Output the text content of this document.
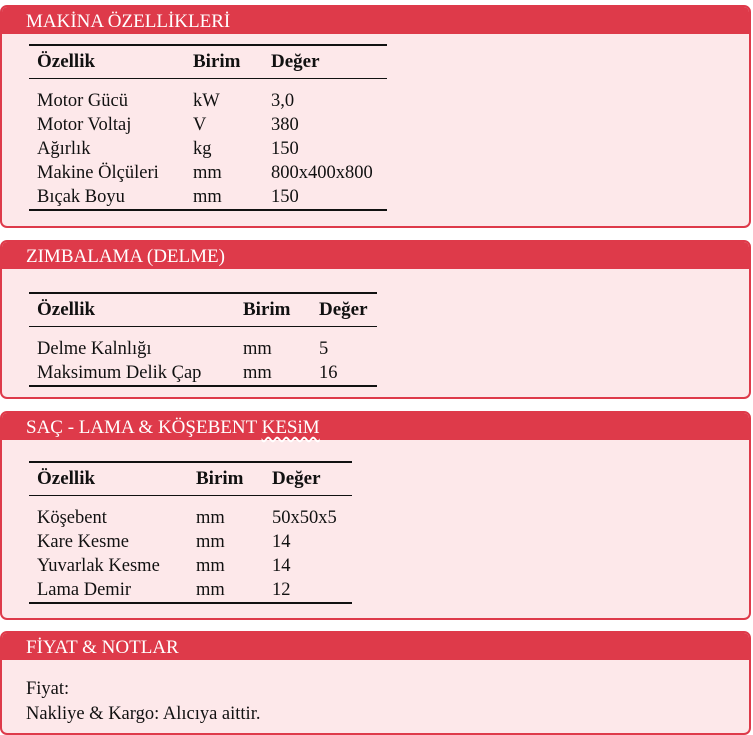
MAKİNA ÖZELLİKLERİ
Özellik	Birim	Değer

Motor Gücü	kW	3,0
Motor Voltaj	V	380
Ağırlık	kg	150
Makine Ölçüleri	mm	800x400x800
Bıçak Boyu	mm	150
ZIMBALAMA (DELME)
Özellik	Birim	Değer

Delme Kalnlığı	mm	5
Maksimum Delik Çap	mm	16
SAÇ - LAMA & KÖŞEBENT KESiM
Özellik	Birim	Değer

Köşebent	mm	50x50x5
Kare Kesme	mm	14
Yuvarlak Kesme	mm	14
Lama Demir	mm	12
FİYAT & NOTLAR
Fiyat:
Nakliye & Kargo: Alıcıya aittir.
